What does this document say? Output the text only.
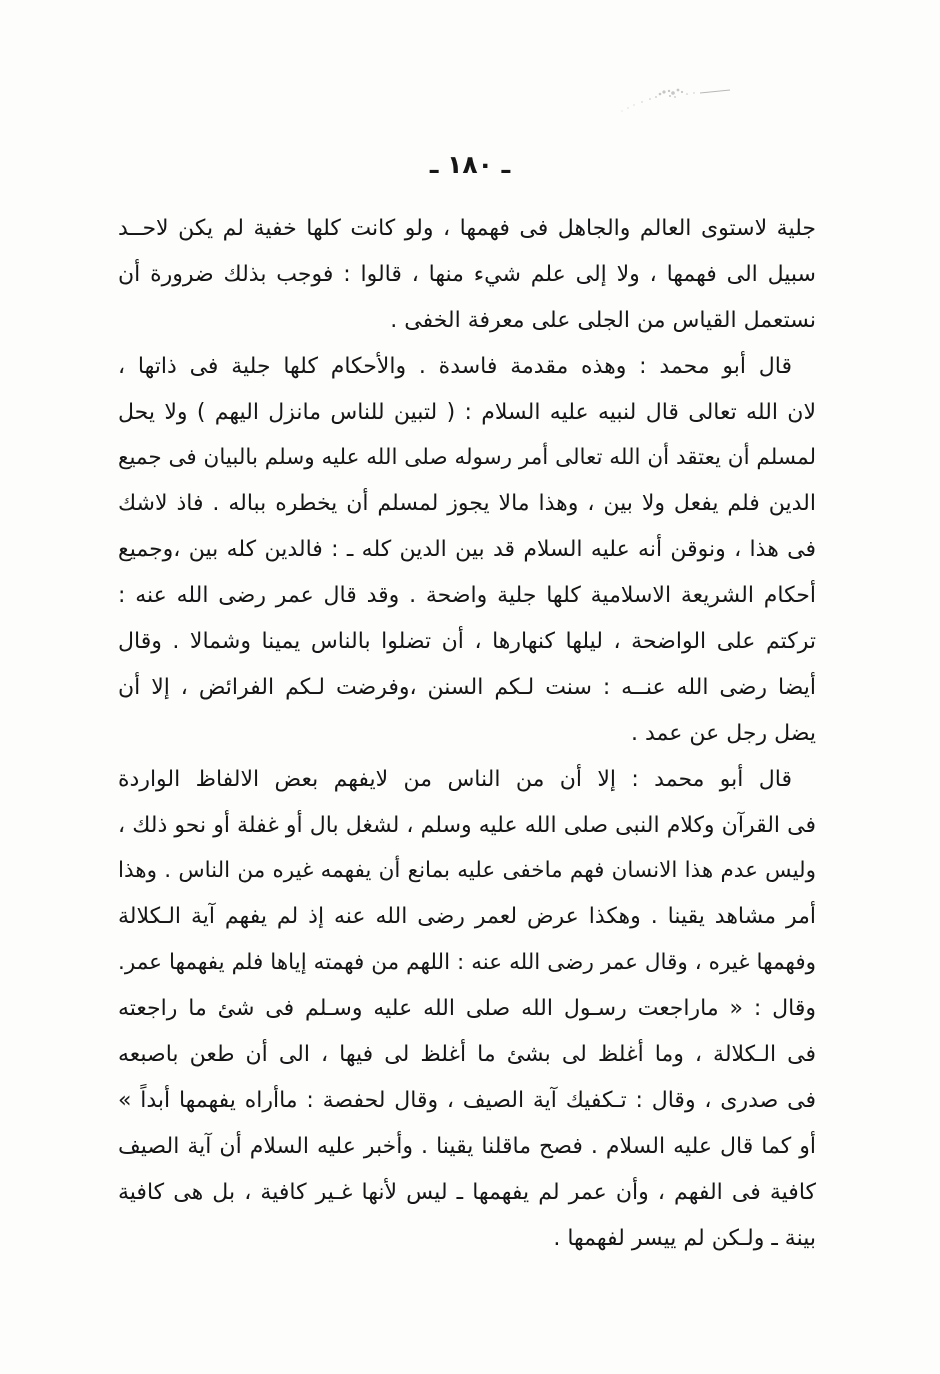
ـ ١٨٠ ـ
جلية لاستوى العالم والجاهل فى فهمها ، ولو كانت كلها خفية لم يكن لاحــد
سبيل الى فهمها ، ولا إلى علم شيء منها ، قالوا : فوجب بذلك ضرورة أن
نستعمل القياس من الجلى على معرفة الخفى .
قال أبو محمد : وهذه مقدمة فاسدة . والأحكام كلها جلية فى ذاتها ،
لان الله تعالى قال لنبيه عليه السلام : ( لتبين للناس مانزل اليهم ) ولا يحل
لمسلم أن يعتقد أن الله تعالى أمر رسوله صلى الله عليه وسلم بالبيان فى جميع
الدين فلم يفعل ولا بين ، وهذا مالا يجوز لمسلم أن يخطره بباله . فاذ لاشك
فى هذا ، ونوقن أنه عليه السلام قد بين الدين كله ـ : فالدين كله بين ،وجميع
أحكام الشريعة الاسلامية كلها جلية واضحة . وقد قال عمر رضى الله عنه :
تركتم على الواضحة ، ليلها كنهارها ، أن تضلوا بالناس يمينا وشمالا . وقال
أيضا رضى الله عنــه : سنت لـكم السنن ،وفرضت لـكم الفرائض ، إلا أن
يضل رجل عن عمد .
قال أبو محمد : إلا أن من الناس من لايفهم بعض الالفاظ الواردة
فى القرآن وكلام النبى صلى الله عليه وسلم ، لشغل بال أو غفلة أو نحو ذلك ،
وليس عدم هذا الانسان فهم ماخفى عليه بمانع أن يفهمه غيره من الناس . وهذا
أمر مشاهد يقينا . وهكذا عرض لعمر رضى الله عنه إذ لم يفهم آية الـكلالة
وفهمها غيره ، وقال عمر رضى الله عنه : اللهم من فهمته إياها فلم يفهمها عمر.
وقال : « ماراجعت رسـول الله صلى الله عليه وسـلم فى شئ ما راجعته
فى الـكلالة ، وما أغلظ لى بشئ ما أغلظ لى فيها ، الى أن طعن باصبعه
فى صدرى ، وقال : تـكفيك آية الصيف ، وقال لحفصة : ماأراه يفهمها أبداً »
أو كما قال عليه السلام . فصح ماقلنا يقينا . وأخبر عليه السلام أن آية الصيف
كافية فى الفهم ، وأن عمر لم يفهمها ـ ليس لأنها غـير كافية ، بل هى كافية
بينة ـ ولـكن لم ييسر لفهمها .
